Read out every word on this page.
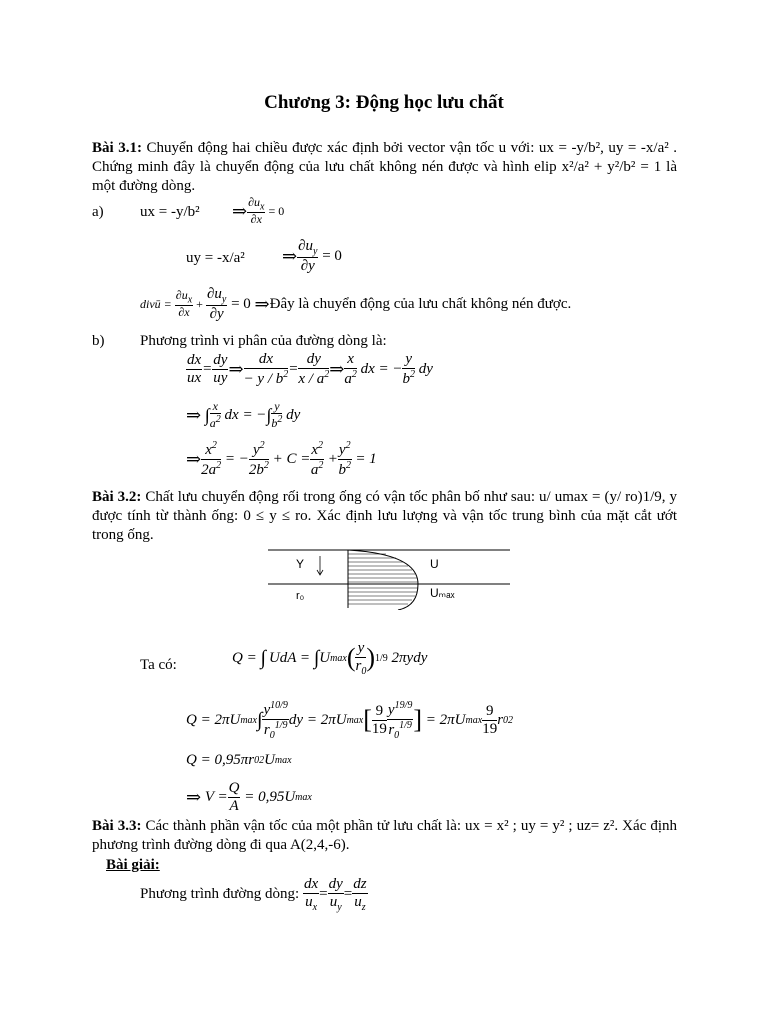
Chương 3: Động học lưu chất
Bài 3.1: Chuyển động hai chiều được xác định bởi vector vận tốc u với: ux = -y/b², uy = -x/a² . Chứng minh đây là chuyển động của lưu chất không nén được và hình elip x²/a² + y²/b² = 1 là một đường dòng.
a) ux = -y/b² ⇒ $\frac{\partial u_x}{\partial x} = 0$
uy = -x/a² ⇒ $\frac{\partial u_y}{\partial y} = 0$
divū = $\frac{\partial u_x}{\partial x} + \frac{\partial u_y}{\partial y} = 0$ ⇒ Đây là chuyển động của lưu chất không nén được.
b) Phương trình vi phân của đường dòng là:
$\frac{dx}{ux} = \frac{dy}{uy}$ ⇒ $\frac{dx}{- y / b^2} = \frac{dy}{x / a^2}$ ⇒ $\frac{x}{a^2}$ dx = − $\frac{y}{b^2}$ dy
⇒
∫ $\frac{x}{a^2}$ dx = − ∫ $\frac{y}{b^2}$ dy
⇒ $\frac{x^2}{2a^2}$ = − $\frac{y^2}{2b^2} + C = \frac{x^2}{a^2} + \frac{y^2}{b^2} = 1$
Bài 3.2: Chất lưu chuyển động rối trong ống có vận tốc phân bố như sau: u/ umax = (y/ ro)1/9, y được tính từ thành ống: 0 ≤ y ≤ ro. Xác định lưu lượng và vận tốc trung bình của mặt cắt ướt trong ống.
Y	U
r₀	Uₘₐₓ
Ta có:	Q = ∫
UdA = ∫ U max ( $\frac{y}{r_0}$ ) 1/9 2πydy
Q = 2πU max ∫ $\frac{y^{10/9}}{r_0^{1/9}}$ dy = 2πU max [ $\frac{9}{19} \frac{y^{19/9}}{r_0^{1/9}}$ ] = 2πU $\max \frac{9}{19}$ r 0 2
Q = 0,95πr 0 2 U max
⇒ $V = \frac{Q}{A} = 0,95U$ max
Bài 3.3: Các thành phần vận tốc của một phần tử lưu chất là: ux = x² ; uy = y² ; uz= z². Xác định phương trình đường dòng đi qua A(2,4,-6).
Bài giải:
Phương trình đường dòng:
$\frac{dx}{u_x} = \frac{dy}{u_y} = \frac{dz}{u_z}$
